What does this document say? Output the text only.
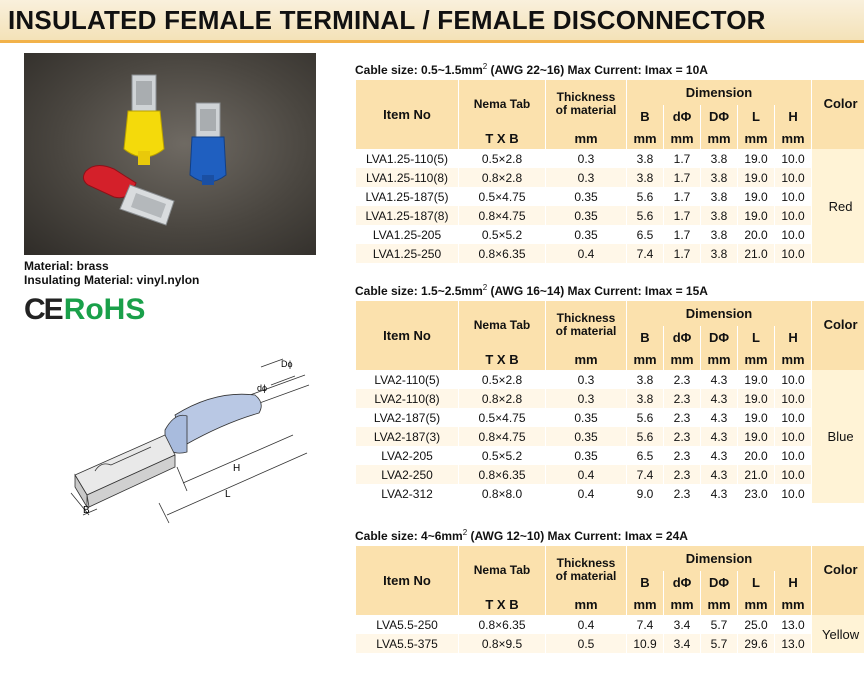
INSULATED FEMALE TERMINAL / FEMALE DISCONNECTOR
Material: brass
Insulating Material: vinyl.nylon
CERoHS
Dϕ
dϕ
H
L
B
Cable size: $0.5\sim 1.5mm^2$ (AWG 22~16) Max Current: Imax = 10A
Item No	Nema Tab	Thickness
of material	Dimension					Color
			B	dΦ	DΦ	L	H	
	T X B	mm	mm	mm	mm	mm	mm	
LVA1.25-110(5)	0.5×2.8	0.3	3.8	1.7	3.8	19.0	10.0	Red
LVA1.25-110(8)	0.8×2.8	0.3	3.8	1.7	3.8	19.0	10.0	
LVA1.25-187(5)	0.5×4.75	0.35	5.6	1.7	3.8	19.0	10.0	
LVA1.25-187(8)	0.8×4.75	0.35	5.6	1.7	3.8	19.0	10.0	
LVA1.25-205	0.5×5.2	0.35	6.5	1.7	3.8	20.0	10.0	
LVA1.25-250	0.8×6.35	0.4	7.4	1.7	3.8	21.0	10.0	
Cable size: $1.5\sim 2.5mm^2$ (AWG 16~14) Max Current: Imax = 15A
Item No	Nema Tab	Thickness
of material	Dimension					Color
			B	dΦ	DΦ	L	H	
	T X B	mm	mm	mm	mm	mm	mm	
LVA2-110(5)	0.5×2.8	0.3	3.8	2.3	4.3	19.0	10.0	Blue
LVA2-110(8)	0.8×2.8	0.3	3.8	2.3	4.3	19.0	10.0	
LVA2-187(5)	0.5×4.75	0.35	5.6	2.3	4.3	19.0	10.0	
LVA2-187(3)	0.8×4.75	0.35	5.6	2.3	4.3	19.0	10.0	
LVA2-205	0.5×5.2	0.35	6.5	2.3	4.3	20.0	10.0	
LVA2-250	0.8×6.35	0.4	7.4	2.3	4.3	21.0	10.0	
LVA2-312	0.8×8.0	0.4	9.0	2.3	4.3	23.0	10.0	
Cable size: $4\sim 6mm^2$ (AWG 12~10) Max Current: Imax = 24A
Item No	Nema Tab	Thickness
of material	Dimension					Color
			B	dΦ	DΦ	L	H	
	T X B	mm	mm	mm	mm	mm	mm	
LVA5.5-250	0.8×6.35	0.4	7.4	3.4	5.7	25.0	13.0	Yellow
LVA5.5-375	0.8×9.5	0.5	10.9	3.4	5.7	29.6	13.0	
